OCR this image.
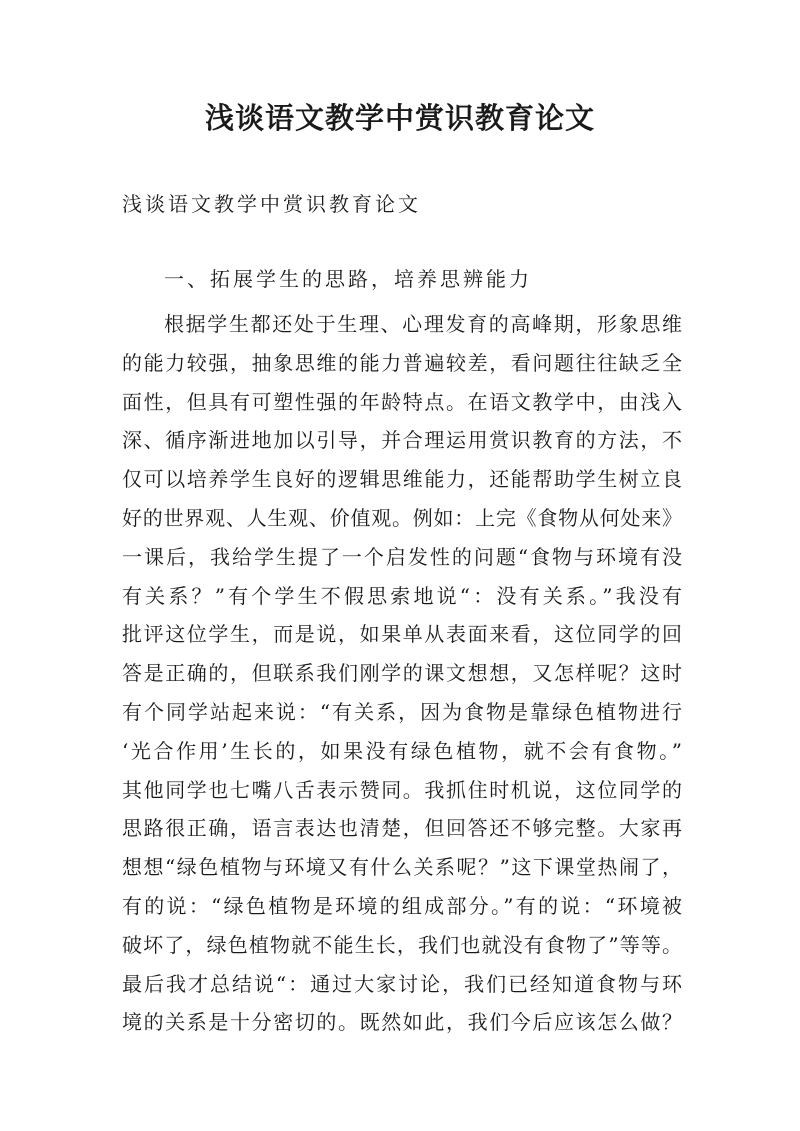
浅谈语文教学中赏识教育论文
浅谈语文教学中赏识教育论文
一、拓展学生的思路，培养思辨能力
根据学生都还处于生理、心理发育的高峰期，形象思维
的能力较强，抽象思维的能力普遍较差，看问题往往缺乏全
面性，但具有可塑性强的年龄特点。在语文教学中，由浅入
深、循序渐进地加以引导，并合理运用赏识教育的方法，不
仅可以培养学生良好的逻辑思维能力，还能帮助学生树立良
好的世界观、人生观、价值观。例如：上完《食物从何处来》
一课后，我给学生提了一个启发性的问题“食物与环境有没
有关系？”有个学生不假思索地说“：没有关系。”我没有
批评这位学生，而是说，如果单从表面来看，这位同学的回
答是正确的，但联系我们刚学的课文想想，又怎样呢？这时
有个同学站起来说：“有关系，因为食物是靠绿色植物进行
‘光合作用’生长的，如果没有绿色植物，就不会有食物。”
其他同学也七嘴八舌表示赞同。我抓住时机说，这位同学的
思路很正确，语言表达也清楚，但回答还不够完整。大家再
想想“绿色植物与环境又有什么关系呢？”这下课堂热闹了，
有的说：“绿色植物是环境的组成部分。”有的说：“环境被
破坏了，绿色植物就不能生长，我们也就没有食物了”等等。
最后我才总结说“：通过大家讨论，我们已经知道食物与环
境的关系是十分密切的。既然如此，我们今后应该怎么做？
